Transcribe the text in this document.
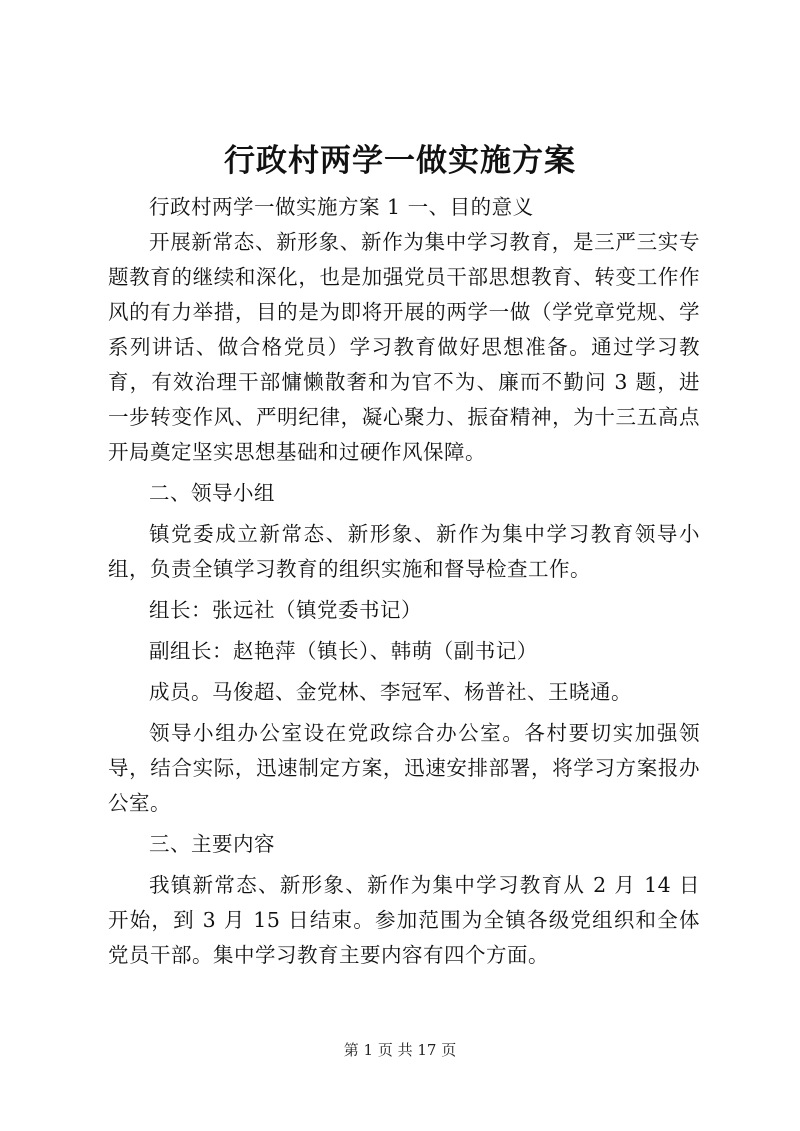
行政村两学一做实施方案

行政村两学一做实施方案 1 一、目的意义

开展新常态、新形象、新作为集中学习教育，是三严三实专题教育的继续和深化，也是加强党员干部思想教育、转变工作作风的有力举措，目的是为即将开展的两学一做（学党章党规、学系列讲话、做合格党员）学习教育做好思想准备。通过学习教育，有效治理干部慵懒散奢和为官不为、廉而不勤问 3 题，进一步转变作风、严明纪律，凝心聚力、振奋精神，为十三五高点开局奠定坚实思想基础和过硬作风保障。

二、领导小组

镇党委成立新常态、新形象、新作为集中学习教育领导小组，负责全镇学习教育的组织实施和督导检查工作。

组长：张远社（镇党委书记）

副组长：赵艳萍（镇长）、韩萌（副书记）

成员。马俊超、金党林、李冠军、杨普社、王晓通。

领导小组办公室设在党政综合办公室。各村要切实加强领导，结合实际，迅速制定方案，迅速安排部署，将学习方案报办公室。

三、主要内容

我镇新常态、新形象、新作为集中学习教育从 2 月 14 日开始，到 3 月 15 日结束。参加范围为全镇各级党组织和全体党员干部。集中学习教育主要内容有四个方面。

第 1 页 共 17 页
